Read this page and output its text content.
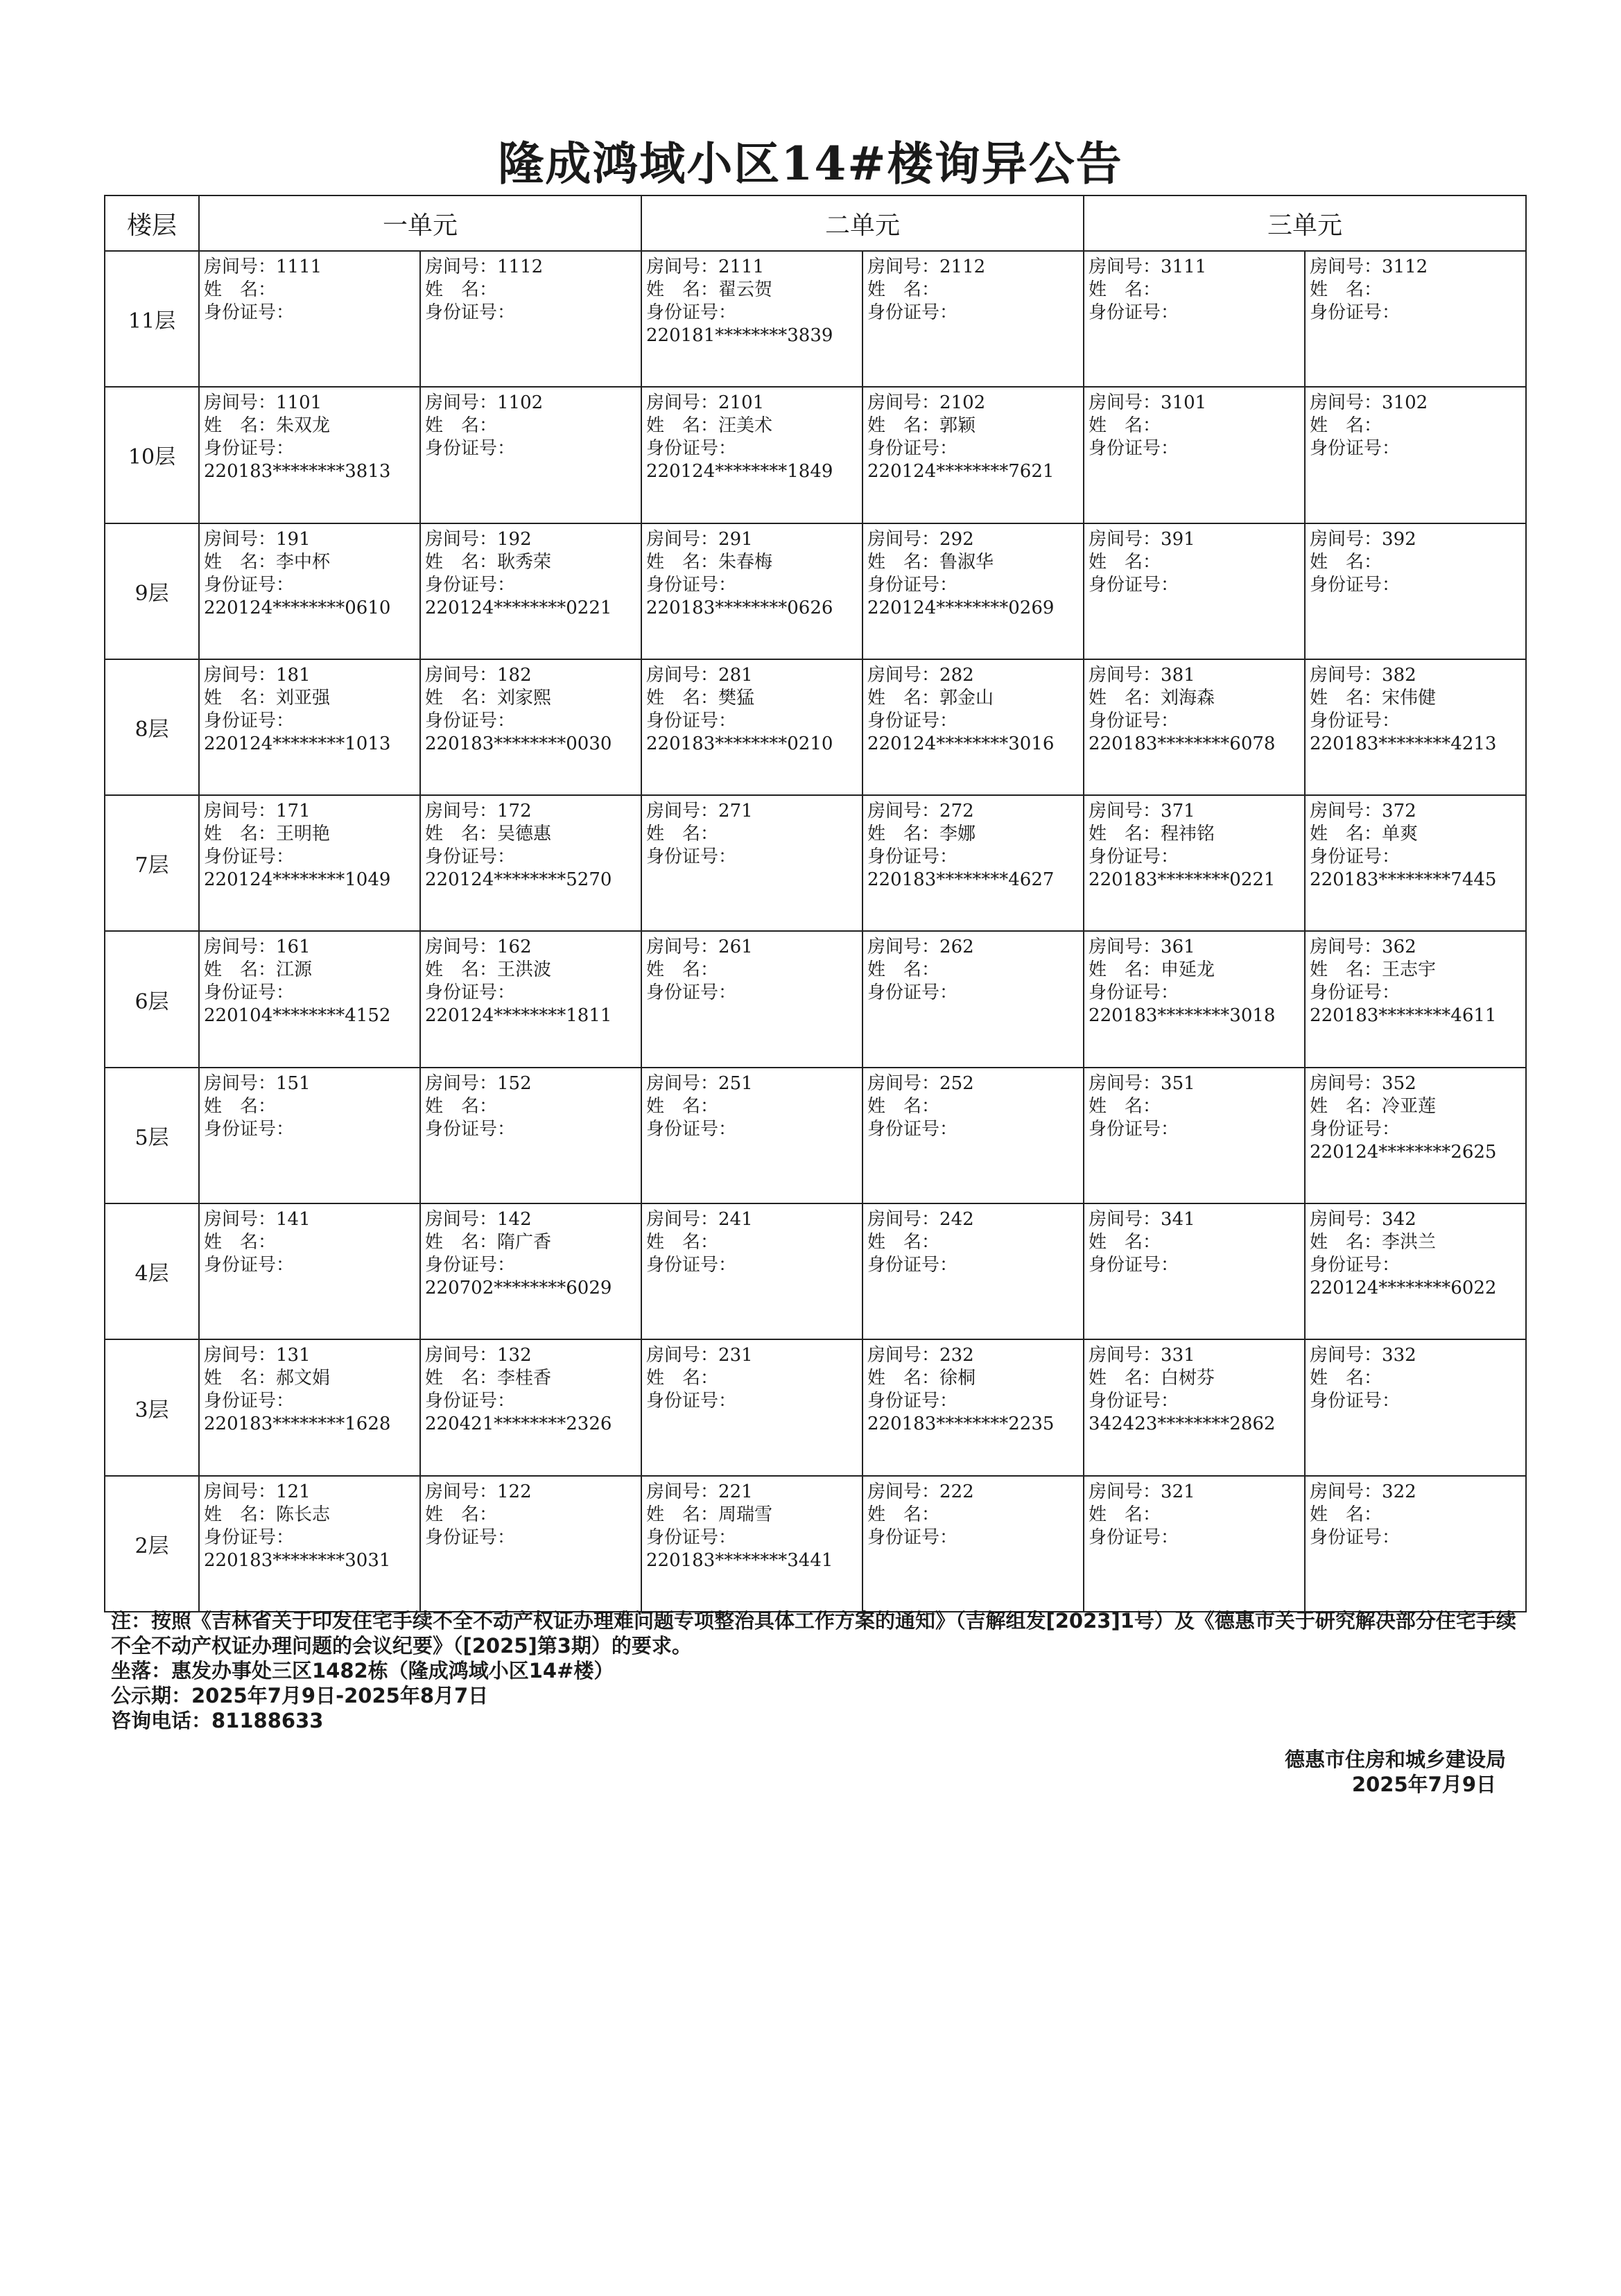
隆成鸿域小区14#楼询异公告
楼层	一单元		二单元		三单元	
11层	房间号：1111
姓　名：
身份证号：	房间号：1112
姓　名：
身份证号：	房间号：2111
姓　名：翟云贺
身份证号：
220181********3839	房间号：2112
姓　名：
身份证号：	房间号：3111
姓　名：
身份证号：	房间号：3112
姓　名：
身份证号：

10层	房间号：1101
姓　名：朱双龙
身份证号：
220183********3813	房间号：1102
姓　名：
身份证号：	房间号：2101
姓　名：汪美术
身份证号：
220124********1849	房间号：2102
姓　名：郭颖
身份证号：
220124********7621	房间号：3101
姓　名：
身份证号：	房间号：3102
姓　名：
身份证号：

9层	房间号：191
姓　名：李中杯
身份证号：
220124********0610	房间号：192
姓　名：耿秀荣
身份证号：
220124********0221	房间号：291
姓　名：朱春梅
身份证号：
220183********0626	房间号：292
姓　名：鲁淑华
身份证号：
220124********0269	房间号：391
姓　名：
身份证号：	房间号：392
姓　名：
身份证号：

8层	房间号：181
姓　名：刘亚强
身份证号：
220124********1013	房间号：182
姓　名：刘家熙
身份证号：
220183********0030	房间号：281
姓　名：樊猛
身份证号：
220183********0210	房间号：282
姓　名：郭金山
身份证号：
220124********3016	房间号：381
姓　名：刘海森
身份证号：
220183********6078	房间号：382
姓　名：宋伟健
身份证号：
220183********4213

7层	房间号：171
姓　名：王明艳
身份证号：
220124********1049	房间号：172
姓　名：吴德惠
身份证号：
220124********5270	房间号：271
姓　名：
身份证号：	房间号：272
姓　名：李娜
身份证号：
220183********4627	房间号：371
姓　名：程祎铭
身份证号：
220183********0221	房间号：372
姓　名：单爽
身份证号：
220183********7445

6层	房间号：161
姓　名：江源
身份证号：
220104********4152	房间号：162
姓　名：王洪波
身份证号：
220124********1811	房间号：261
姓　名：
身份证号：	房间号：262
姓　名：
身份证号：	房间号：361
姓　名：申延龙
身份证号：
220183********3018	房间号：362
姓　名：王志宇
身份证号：
220183********4611

5层	房间号：151
姓　名：
身份证号：	房间号：152
姓　名：
身份证号：	房间号：251
姓　名：
身份证号：	房间号：252
姓　名：
身份证号：	房间号：351
姓　名：
身份证号：	房间号：352
姓　名：冷亚莲
身份证号：
220124********2625

4层	房间号：141
姓　名：
身份证号：	房间号：142
姓　名：隋广香
身份证号：
220702********6029	房间号：241
姓　名：
身份证号：	房间号：242
姓　名：
身份证号：	房间号：341
姓　名：
身份证号：	房间号：342
姓　名：李洪兰
身份证号：
220124********6022

3层	房间号：131
姓　名：郝文娟
身份证号：
220183********1628	房间号：132
姓　名：李桂香
身份证号：
220421********2326	房间号：231
姓　名：
身份证号：	房间号：232
姓　名：徐桐
身份证号：
220183********2235	房间号：331
姓　名：白树芬
身份证号：
342423********2862	房间号：332
姓　名：
身份证号：

2层	房间号：121
姓　名：陈长志
身份证号：
220183********3031	房间号：122
姓　名：
身份证号：	房间号：221
姓　名：周瑞雪
身份证号：
220183********3441	房间号：222
姓　名：
身份证号：	房间号：321
姓　名：
身份证号：	房间号：322
姓　名：
身份证号：

注：按照《吉林省关于印发住宅手续不全不动产权证办理难问题专项整治具体工作方案的通知》（吉解组发[2023]1号）及《德惠市关于研究解决部分住宅手续不全不动产权证办理问题的会议纪要》（[2025]第3期）的要求。

坐落：惠发办事处三区1482栋（隆成鸿域小区14#楼）

公示期：2025年7月9日-2025年8月7日

咨询电话：81188633

德惠市住房和城乡建设局
2025年7月9日
